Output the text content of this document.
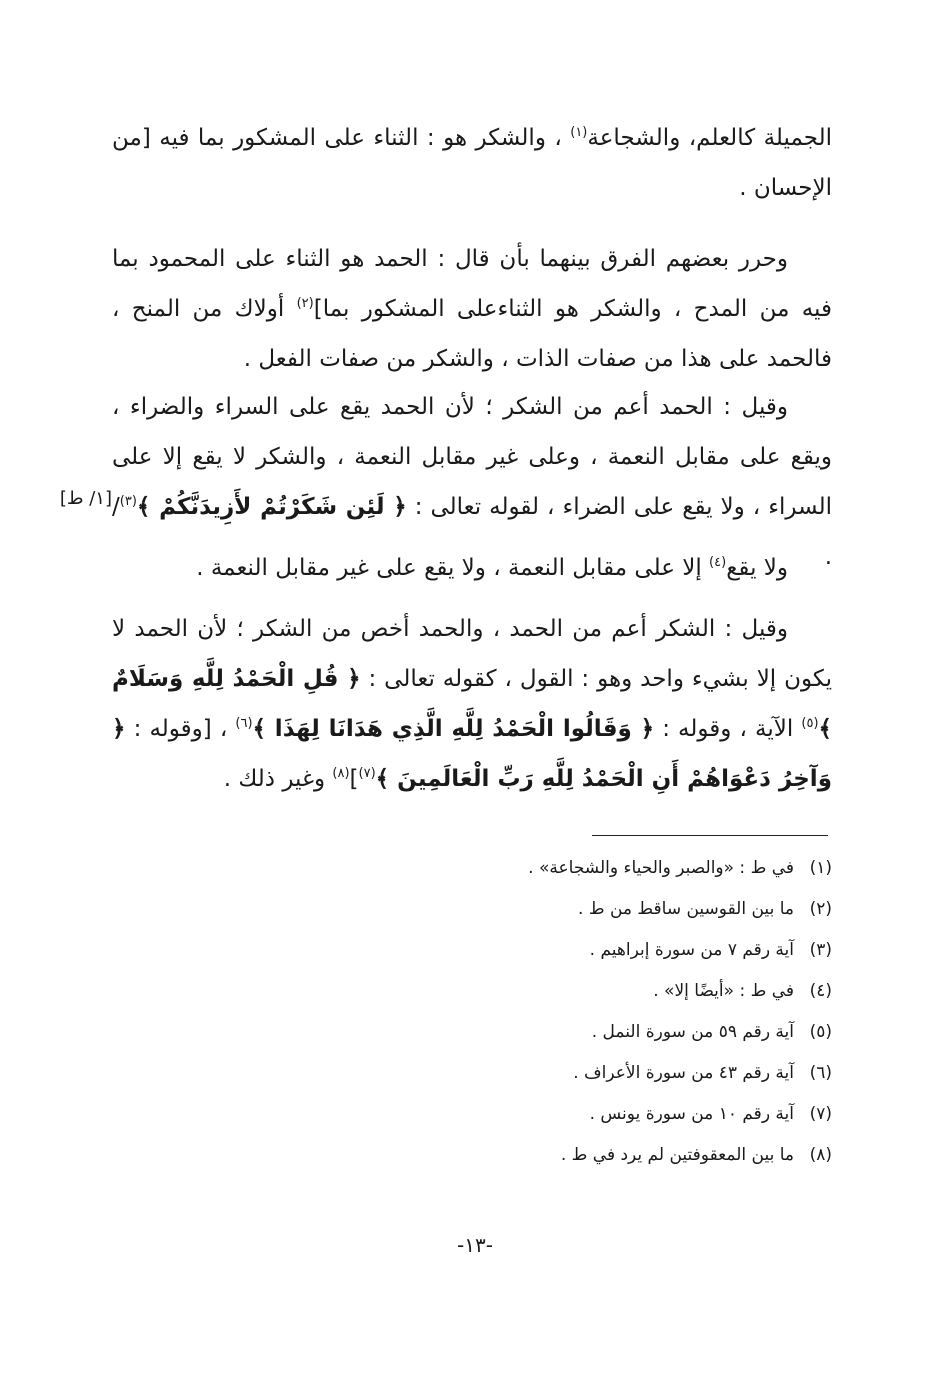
الجميلة كالعلم، والشجاعة$^{(١)}$ ، والشكر هو : الثناء على المشكور بما فيه [من الإحسان .

وحرر بعضهم الفرق بينهما بأن قال : الحمد هو الثناء على المحمود بما فيه من المدح ، والشكر هو الثناءعلى المشكور بما]$^{(٢)}$ أولاك من المنح ، فالحمد على هذا من صفات الذات ، والشكر من صفات الفعل .

وقيل : الحمد أعم من الشكر ؛ لأن الحمد يقع على السراء والضراء ، ويقع على مقابل النعمة ، وعلى غير مقابل النعمة ، والشكر لا يقع إلا على السراء ، ولا يقع على الضراء ، لقوله تعالى : ﴿ لَئِن شَكَرْتُمْ لأَزِيدَنَّكُمْ ﴾$^{(٣)}$/ .

[١/ ط]

ولا يقع$^{(٤)}$ إلا على مقابل النعمة ، ولا يقع على غير مقابل النعمة .

وقيل : الشكر أعم من الحمد ، والحمد أخص من الشكر ؛ لأن الحمد لا يكون إلا بشيء واحد وهو : القول ، كقوله تعالى : ﴿ قُلِ الْحَمْدُ لِلَّهِ وَسَلَامٌ ﴾$^{(٥)}$ الآية ، وقوله : ﴿ وَقَالُوا الْحَمْدُ لِلَّهِ الَّذِي هَدَانَا لِهَذَا ﴾$^{(٦)}$ ، [وقوله : ﴿ وَآخِرُ دَعْوَاهُمْ أَنِ الْحَمْدُ لِلَّهِ رَبِّ الْعَالَمِينَ ﴾$^{(٧)}$]$^{(٨)}$ وغير ذلك .

(١)في ط : «والصبر والحياء والشجاعة» .
(٢)ما بين القوسين ساقط من ط .
(٣)آية رقم ٧ من سورة إبراهيم .
(٤)في ط : «أيضًا إلا» .
(٥)آية رقم ٥٩ من سورة النمل .
(٦)آية رقم ٤٣ من سورة الأعراف .
(٧)آية رقم ١٠ من سورة يونس .
(٨)ما بين المعقوفتين لم يرد في ط .
-١٣-
